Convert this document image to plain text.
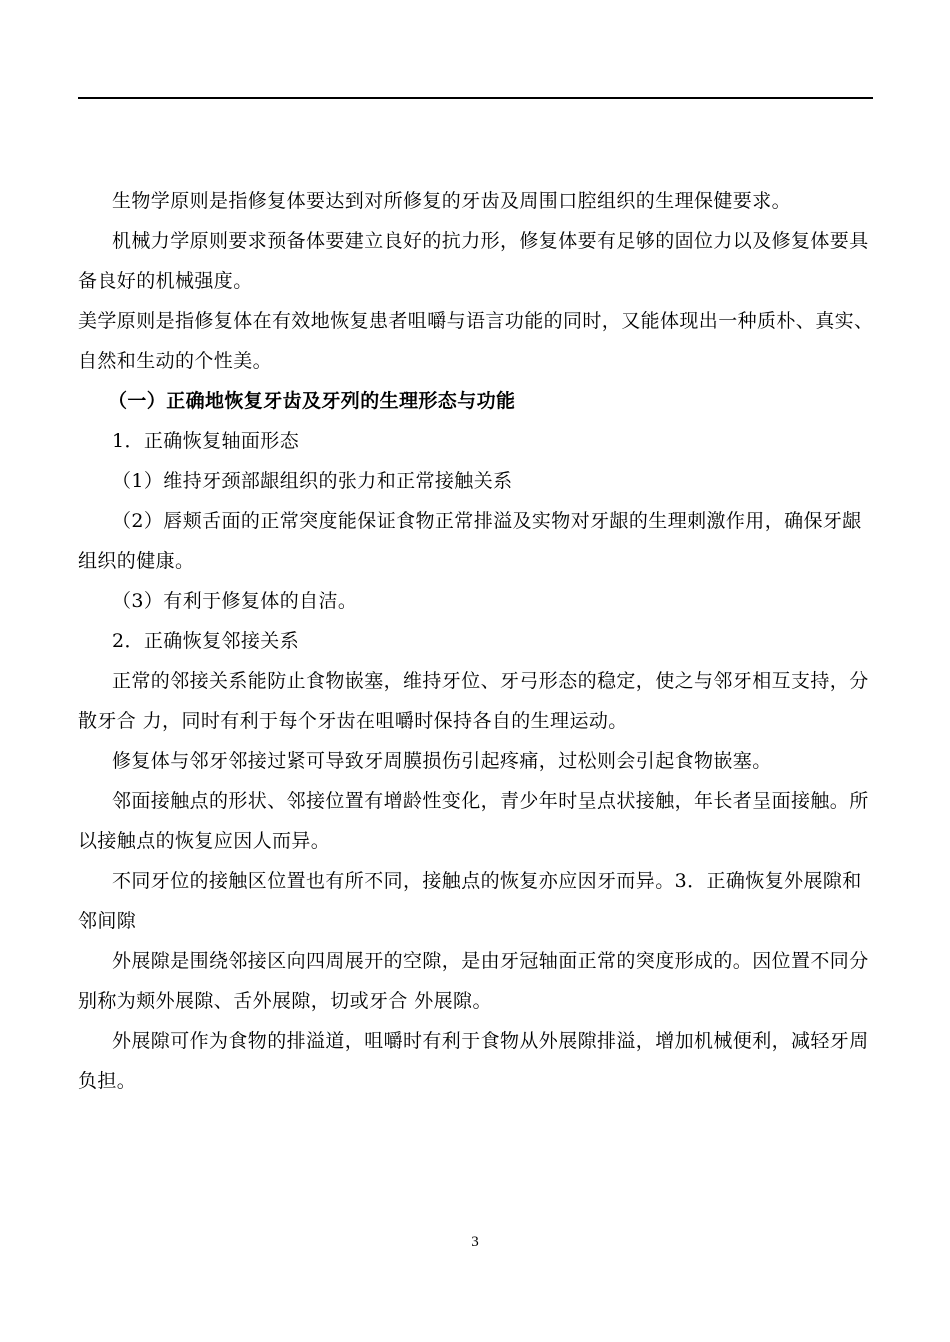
生物学原则是指修复体要达到对所修复的牙齿及周围口腔组织的生理保健要求。

机械力学原则要求预备体要建立良好的抗力形，修复体要有足够的固位力以及修复体要具备良好的机械强度。

美学原则是指修复体在有效地恢复患者咀嚼与语言功能的同时，又能体现出一种质朴、真实、自然和生动的个性美。

（一）正确地恢复牙齿及牙列的生理形态与功能

1．正确恢复轴面形态

（1）维持牙颈部龈组织的张力和正常接触关系

（2）唇颊舌面的正常突度能保证食物正常排溢及实物对牙龈的生理刺激作用，确保牙龈组织的健康。

（3）有利于修复体的自洁。

2．正确恢复邻接关系

正常的邻接关系能防止食物嵌塞，维持牙位、牙弓形态的稳定，使之与邻牙相互支持，分散牙合 力，同时有利于每个牙齿在咀嚼时保持各自的生理运动。

修复体与邻牙邻接过紧可导致牙周膜损伤引起疼痛，过松则会引起食物嵌塞。

邻面接触点的形状、邻接位置有增龄性变化，青少年时呈点状接触，年长者呈面接触。所以接触点的恢复应因人而异。

不同牙位的接触区位置也有所不同，接触点的恢复亦应因牙而异。3．正确恢复外展隙和邻间隙

外展隙是围绕邻接区向四周展开的空隙，是由牙冠轴面正常的突度形成的。因位置不同分别称为颊外展隙、舌外展隙，切或牙合 外展隙。

外展隙可作为食物的排溢道，咀嚼时有利于食物从外展隙排溢，增加机械便利，减轻牙周负担。

3
